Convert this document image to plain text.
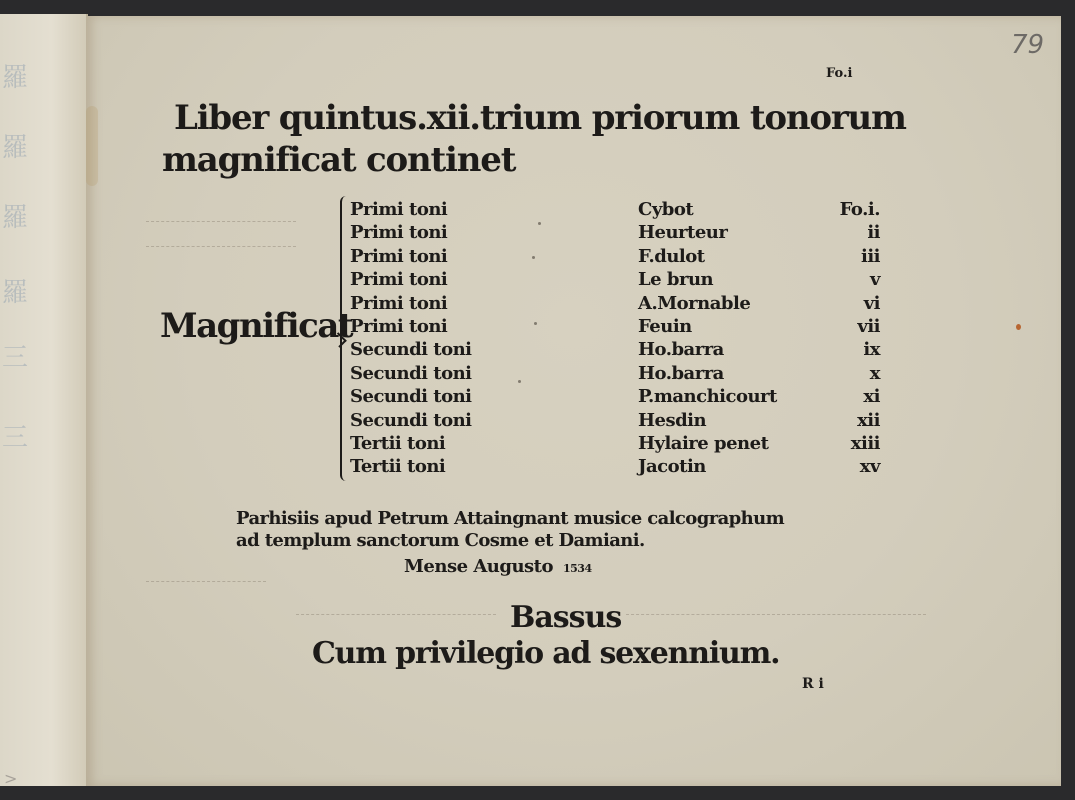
羅
羅
羅
羅
三
三
>
79
Fo.i
Liber quintus.xii.trium priorum tonorum
magnificat continet
Magnificat
Primi toni
Primi toni
Primi toni
Primi toni
Primi toni
Primi toni
Secundi toni
Secundi toni
Secundi toni
Secundi toni
Tertii toni
Tertii toni
Cybot
Heurteur
F.dulot
Le brun
A.Mornable
Feuin
Ho.barra
Ho.barra
P.manchicourt
Hesdin
Hylaire penet
Jacotin
Fo.i.
ii
iii
v
vi
vii
ix
x
xi
xii
xiii
xv
Parhisiis apud Petrum Attaingnant musice calcographum
ad templum sanctorum Cosme et Damiani.
Mense Augusto 1534
Bassus
Cum privilegio ad sexennium.
R i
